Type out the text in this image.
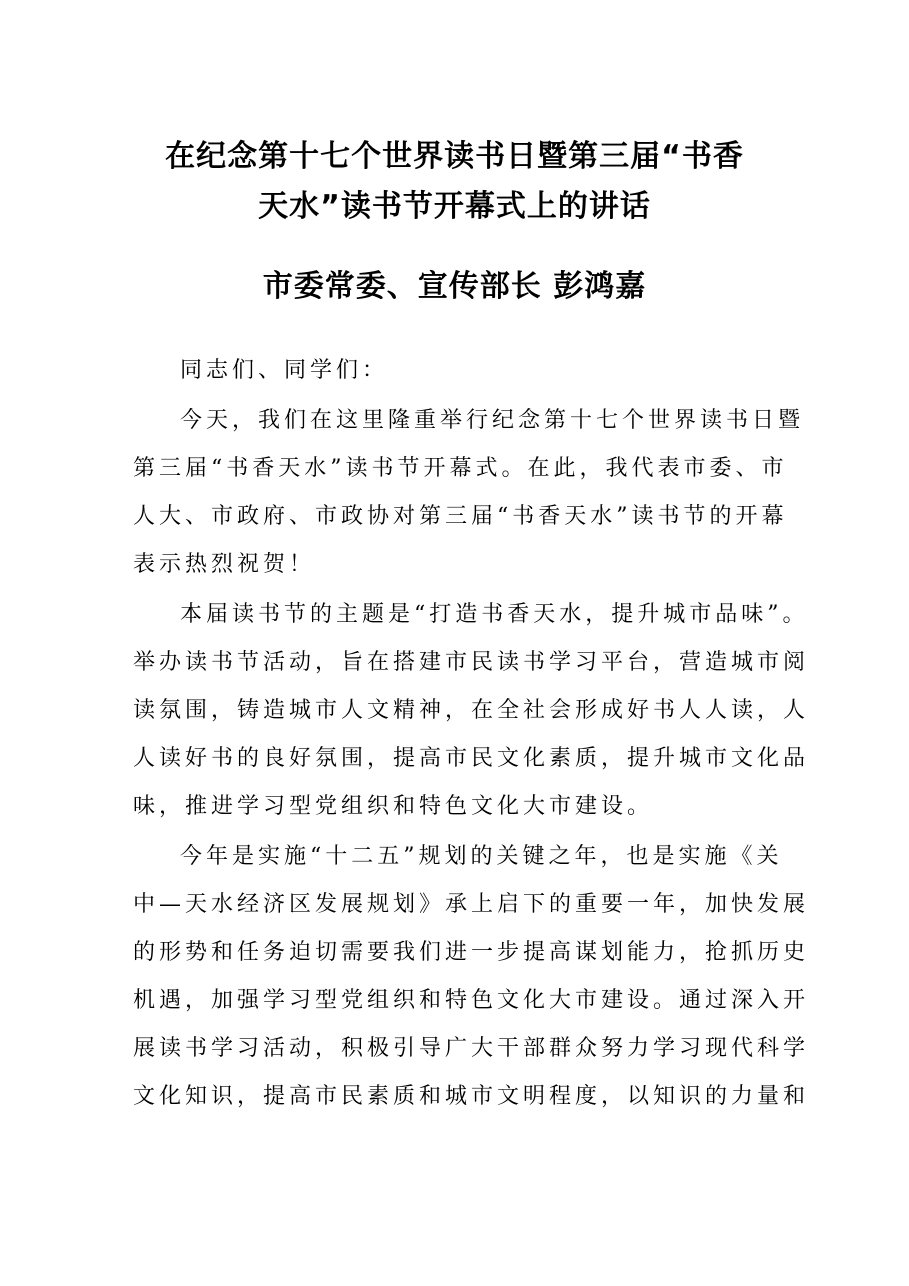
在纪念第十七个世界读书日暨第三届“书香
天水”读书节开幕式上的讲话
市委常委、宣传部长 彭鸿嘉
同志们、同学们：
今天，我们在这里隆重举行纪念第十七个世界读书日暨
第三届“书香天水”读书节开幕式。在此，我代表市委、市
人大、市政府、市政协对第三届“书香天水”读书节的开幕
表示热烈祝贺！
本届读书节的主题是“打造书香天水，提升城市品味”。
举办读书节活动，旨在搭建市民读书学习平台，营造城市阅
读氛围，铸造城市人文精神，在全社会形成好书人人读，人
人读好书的良好氛围，提高市民文化素质，提升城市文化品
味，推进学习型党组织和特色文化大市建设。
今年是实施“十二五”规划的关键之年，也是实施《关
中—天水经济区发展规划》承上启下的重要一年，加快发展
的形势和任务迫切需要我们进一步提高谋划能力，抢抓历史
机遇，加强学习型党组织和特色文化大市建设。通过深入开
展读书学习活动，积极引导广大干部群众努力学习现代科学
文化知识，提高市民素质和城市文明程度，以知识的力量和
